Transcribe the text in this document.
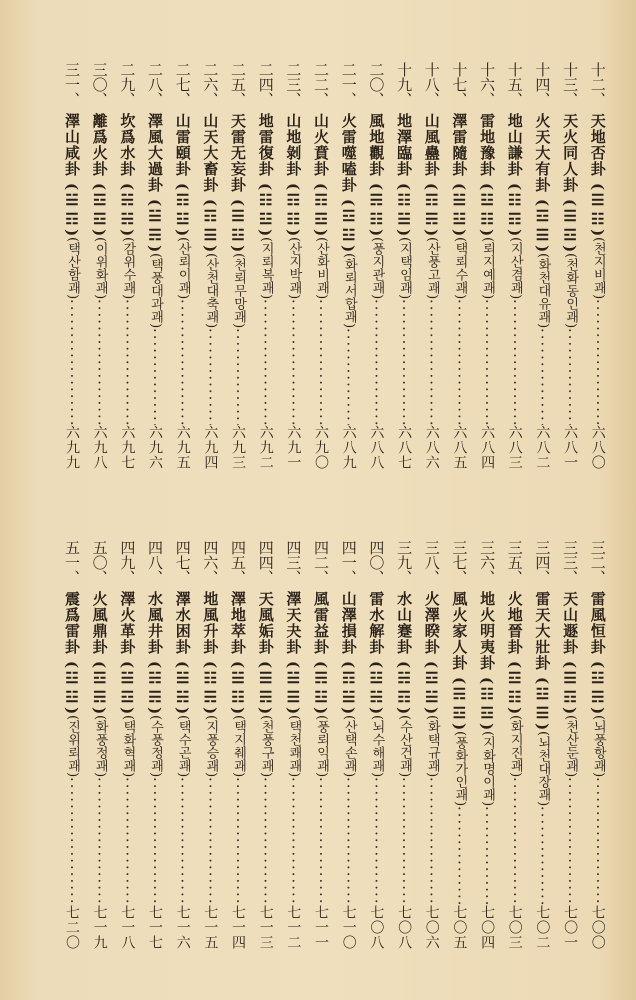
十二、
天地否卦
(☰☷)
(천지비괘)
·····
六八〇
十三、
天火同人卦
(☰☲)
(천화동인괘)
·····
六八一
十四、
火天大有卦
(☲☰)
(화천대유괘)
·····
六八二
十五、
地山謙卦
(☷☶)
(지산겸괘)
·····
六八三
十六、
雷地豫卦
(☳☷)
(뢰지예괘)
·····
六八四
十七、
澤雷隨卦
(☱☳)
(택뢰수괘)
·····
六八五
十八、
山風蠱卦
(☶☴)
(산풍고괘)
·····
六八六
十九、
地澤臨卦
(☷☱)
(지택임괘)
·····
六八七
二〇、
風地觀卦
(☴☷)
(풍지관괘)
·····
六八八
二一、
火雷噬嗑卦
(☲☳)
(화뢰서합괘)
·····
六八九
二二、
山火賁卦
(☶☲)
(산화비괘)
·····
六九〇
二三、
山地剝卦
(☶☷)
(산지박괘)
·····
六九一
二四、
地雷復卦
(☷☳)
(지뢰복괘)
·····
六九二
二五、
天雷无妄卦
(☰☳)
(천뢰무망괘)
·····
六九三
二六、
山天大畜卦
(☶☰)
(산천대축괘)
·····
六九四
二七、
山雷頤卦
(☶☳)
(산뢰이괘)
·····
六九五
二八、
澤風大過卦
(☱☴)
(택풍대과괘)
·····
六九六
二九、
坎爲水卦
(☵☵)
(감위수괘)
·····
六九七
三〇、
離爲火卦
(☲☲)
(이위화괘)
·····
六九八
三一、
澤山咸卦
(☱☶)
(택산함괘)
·····
六九九
三二、
雷風恒卦
(☳☴)
(뇌풍항괘)
·····
七〇〇
三三、
天山遯卦
(☰☶)
(천산둔괘)
·····
七〇一
三四、
雷天大壯卦
(☳☰)
(뇌천대장괘)
·····
七〇二
三五、
火地晉卦
(☲☷)
(화지진괘)
·····
七〇三
三六、
地火明夷卦
(☷☲)
(지화명이괘)
·····
七〇四
三七、
風火家人卦
(☴☲)
(풍화가인괘)
·····
七〇五
三八、
火澤睽卦
(☲☱)
(화택규괘)
·····
七〇六
三九、
水山蹇卦
(☵☶)
(수산건괘)
·····
七〇八
四〇、
雷水解卦
(☳☵)
(뇌수해괘)
·····
七〇八
四一、
山澤損卦
(☶☱)
(산택손괘)
·····
七一〇
四二、
風雷益卦
(☴☳)
(풍뢰익괘)
·····
七一一
四三、
澤天夬卦
(☱☰)
(택천쾌괘)
·····
七一二
四四、
天風姤卦
(☰☴)
(천풍구괘)
·····
七一三
四五、
澤地萃卦
(☱☷)
(택지췌괘)
·····
七一四
四六、
地風升卦
(☷☴)
(지풍승괘)
·····
七一五
四七、
澤水困卦
(☱☵)
(택수곤괘)
·····
七一六
四八、
水風井卦
(☵☴)
(수풍정괘)
·····
七一七
四九、
澤火革卦
(☱☲)
(택화혁괘)
·····
七一八
五〇、
火風鼎卦
(☲☴)
(화풍정괘)
·····
七一九
五一、
震爲雷卦
(☳☳)
(진위뢰괘)
·····
七二〇
